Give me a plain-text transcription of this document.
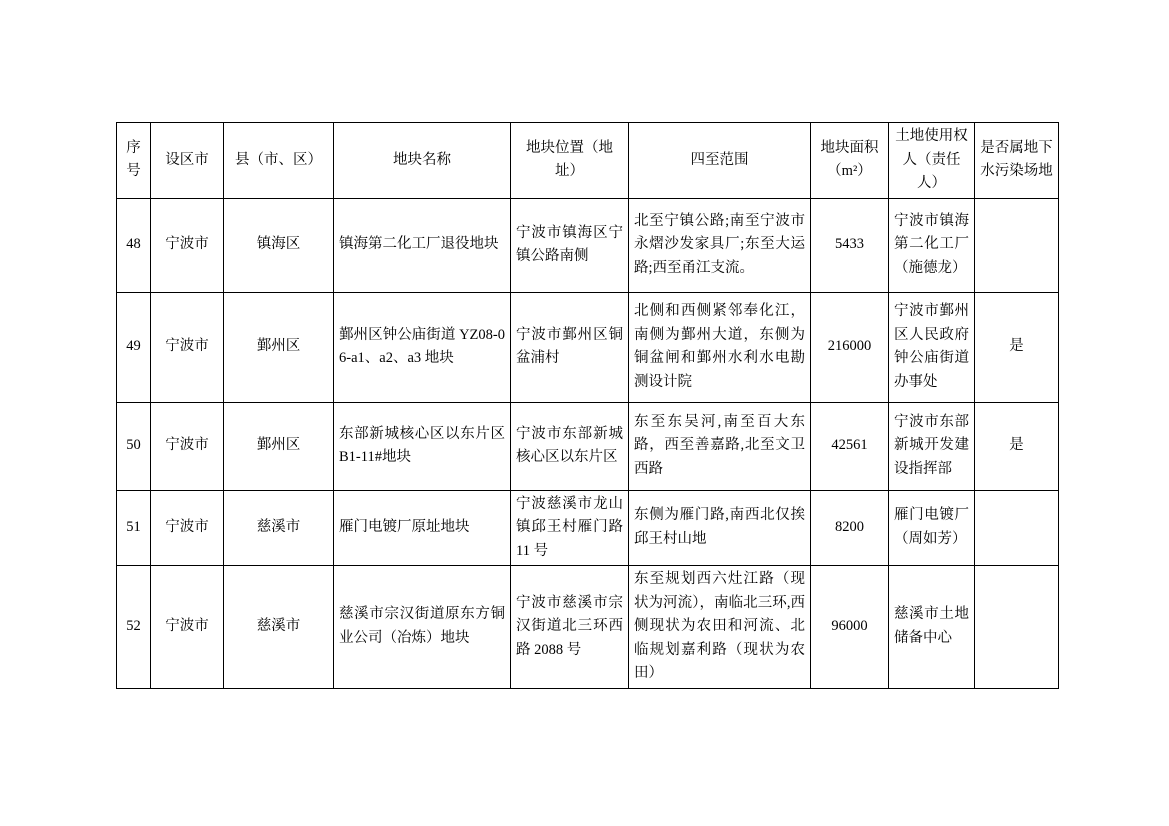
序号	设区市	县（市、区）	地块名称	地块位置（地址）	四至范围	地块面积（m²）	土地使用权人（责任人）	是否属地下水污染场地
48	宁波市	镇海区	镇海第二化工厂退役地块	宁波市镇海区宁镇公路南侧	北至宁镇公路;南至宁波市永熠沙发家具厂;东至大运路;西至甬江支流。	5433	宁波市镇海第二化工厂（施德龙）	
49	宁波市	鄞州区	鄞州区钟公庙街道 YZ08-06-a1、a2、a3 地块	宁波市鄞州区铜盆浦村	北侧和西侧紧邻奉化江，南侧为鄞州大道，东侧为铜盆闸和鄞州水利水电勘测设计院	216000	宁波市鄞州区人民政府钟公庙街道办事处	是
50	宁波市	鄞州区	东部新城核心区以东片区 B1-11#地块	宁波市东部新城核心区以东片区	东至东吴河,南至百大东路，西至善嘉路,北至文卫西路	42561	宁波市东部新城开发建设指挥部	是
51	宁波市	慈溪市	雁门电镀厂原址地块	宁波慈溪市龙山镇邱王村雁门路 11 号	东侧为雁门路,南西北仅挨邱王村山地	8200	雁门电镀厂（周如芳）	
52	宁波市	慈溪市	慈溪市宗汉街道原东方铜业公司（冶炼）地块	宁波市慈溪市宗汉街道北三环西路 2088 号	东至规划西六灶江路（现状为河流），南临北三环,西侧现状为农田和河流、北临规划嘉利路（现状为农田）	96000	慈溪市土地储备中心	
